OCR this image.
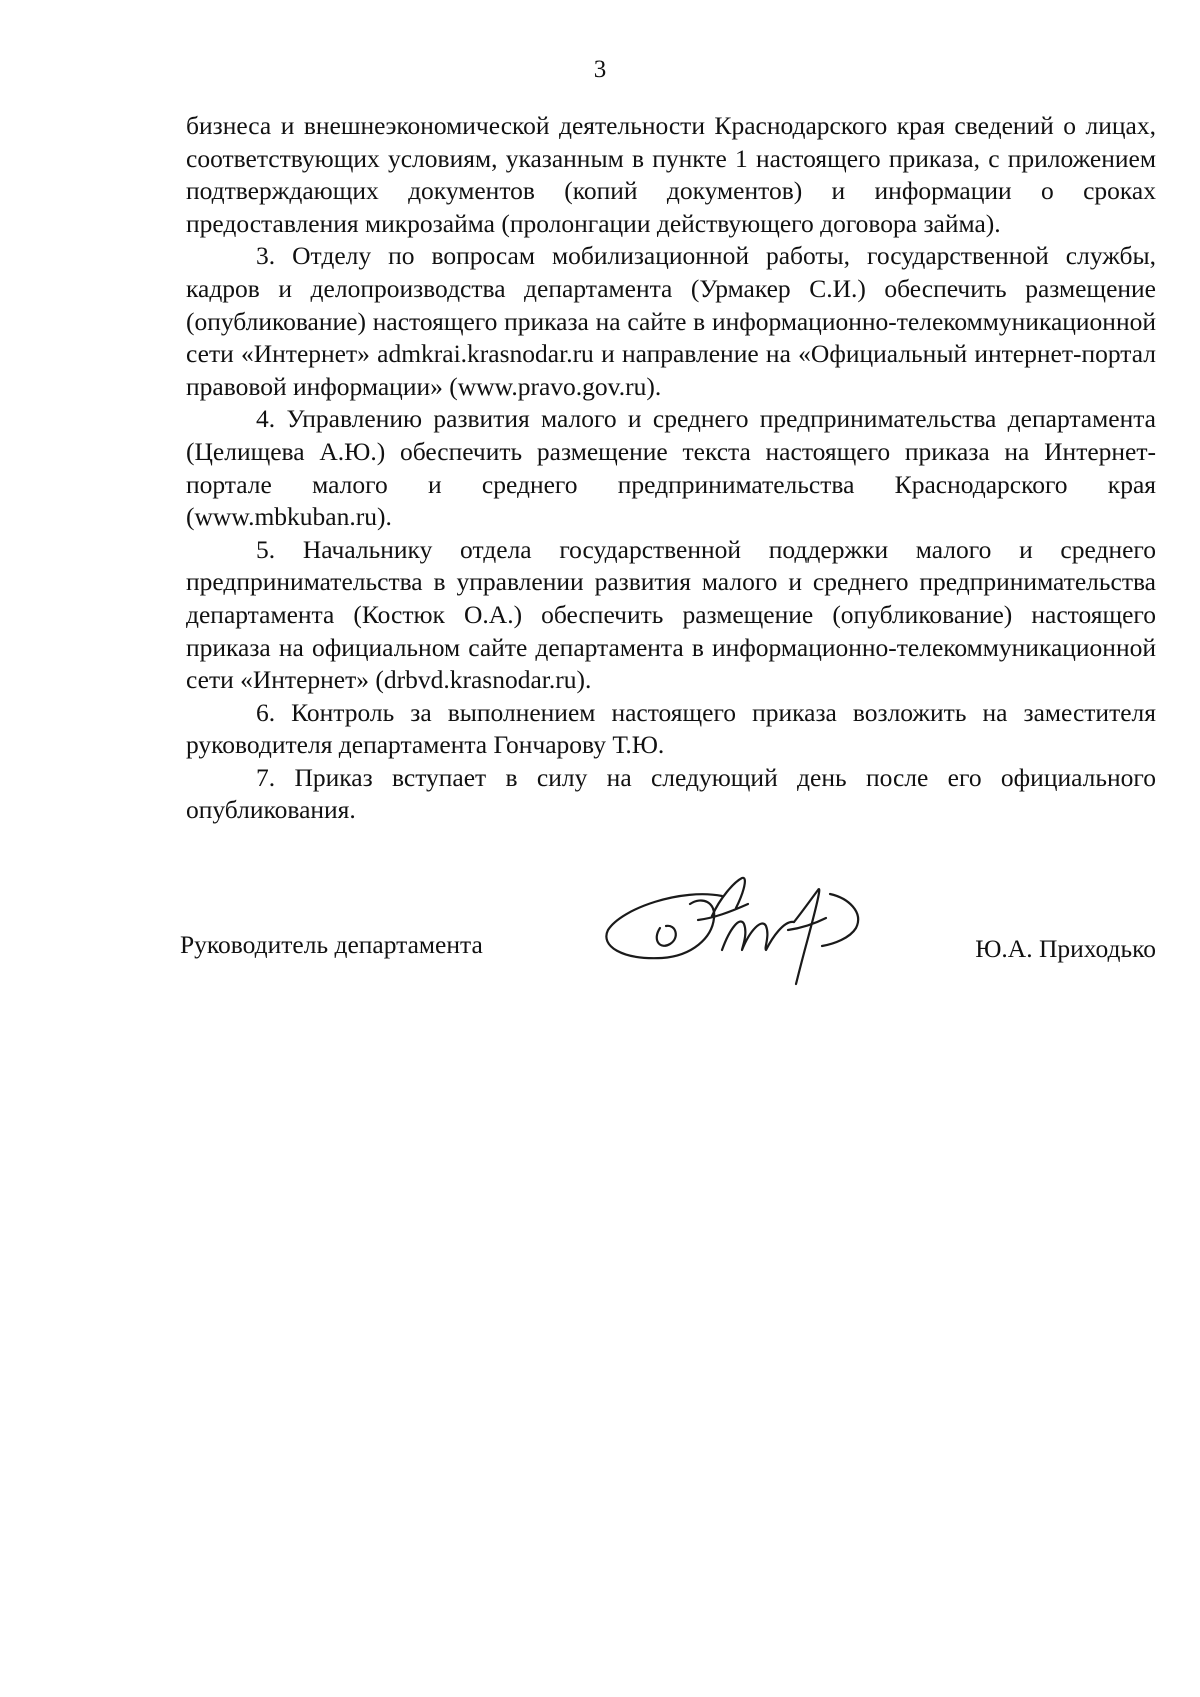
3

бизнеса и внешнеэкономической деятельности Краснодарского края сведений о лицах, соответствующих условиям, указанным в пункте 1 настоящего приказа, с приложением подтверждающих документов (копий документов) и информации о сроках предоставления микрозайма (пролонгации действующего договора займа).

3. Отделу по вопросам мобилизационной работы, государственной службы, кадров и делопроизводства департамента (Урмакер С.И.) обеспечить размещение (опубликование) настоящего приказа на сайте в информационно-телекоммуникационной сети «Интернет» admkrai.krasnodar.ru и направление на «Официальный интернет-портал правовой информации» (www.pravo.gov.ru).

4. Управлению развития малого и среднего предпринимательства департамента (Целищева А.Ю.) обеспечить размещение текста настоящего приказа на Интернет-портале малого и среднего предпринимательства Краснодарского края (www.mbkuban.ru).

5. Начальнику отдела государственной поддержки малого и среднего предпринимательства в управлении развития малого и среднего предпринимательства департамента (Костюк О.А.) обеспечить размещение (опубликование) настоящего приказа на официальном сайте департамента в информационно-телекоммуникационной сети «Интернет» (drbvd.krasnodar.ru).

6. Контроль за выполнением настоящего приказа возложить на заместителя руководителя департамента Гончарову Т.Ю.

7. Приказ вступает в силу на следующий день после его официального опубликования.

Руководитель департамента	Ю.А. Приходько
